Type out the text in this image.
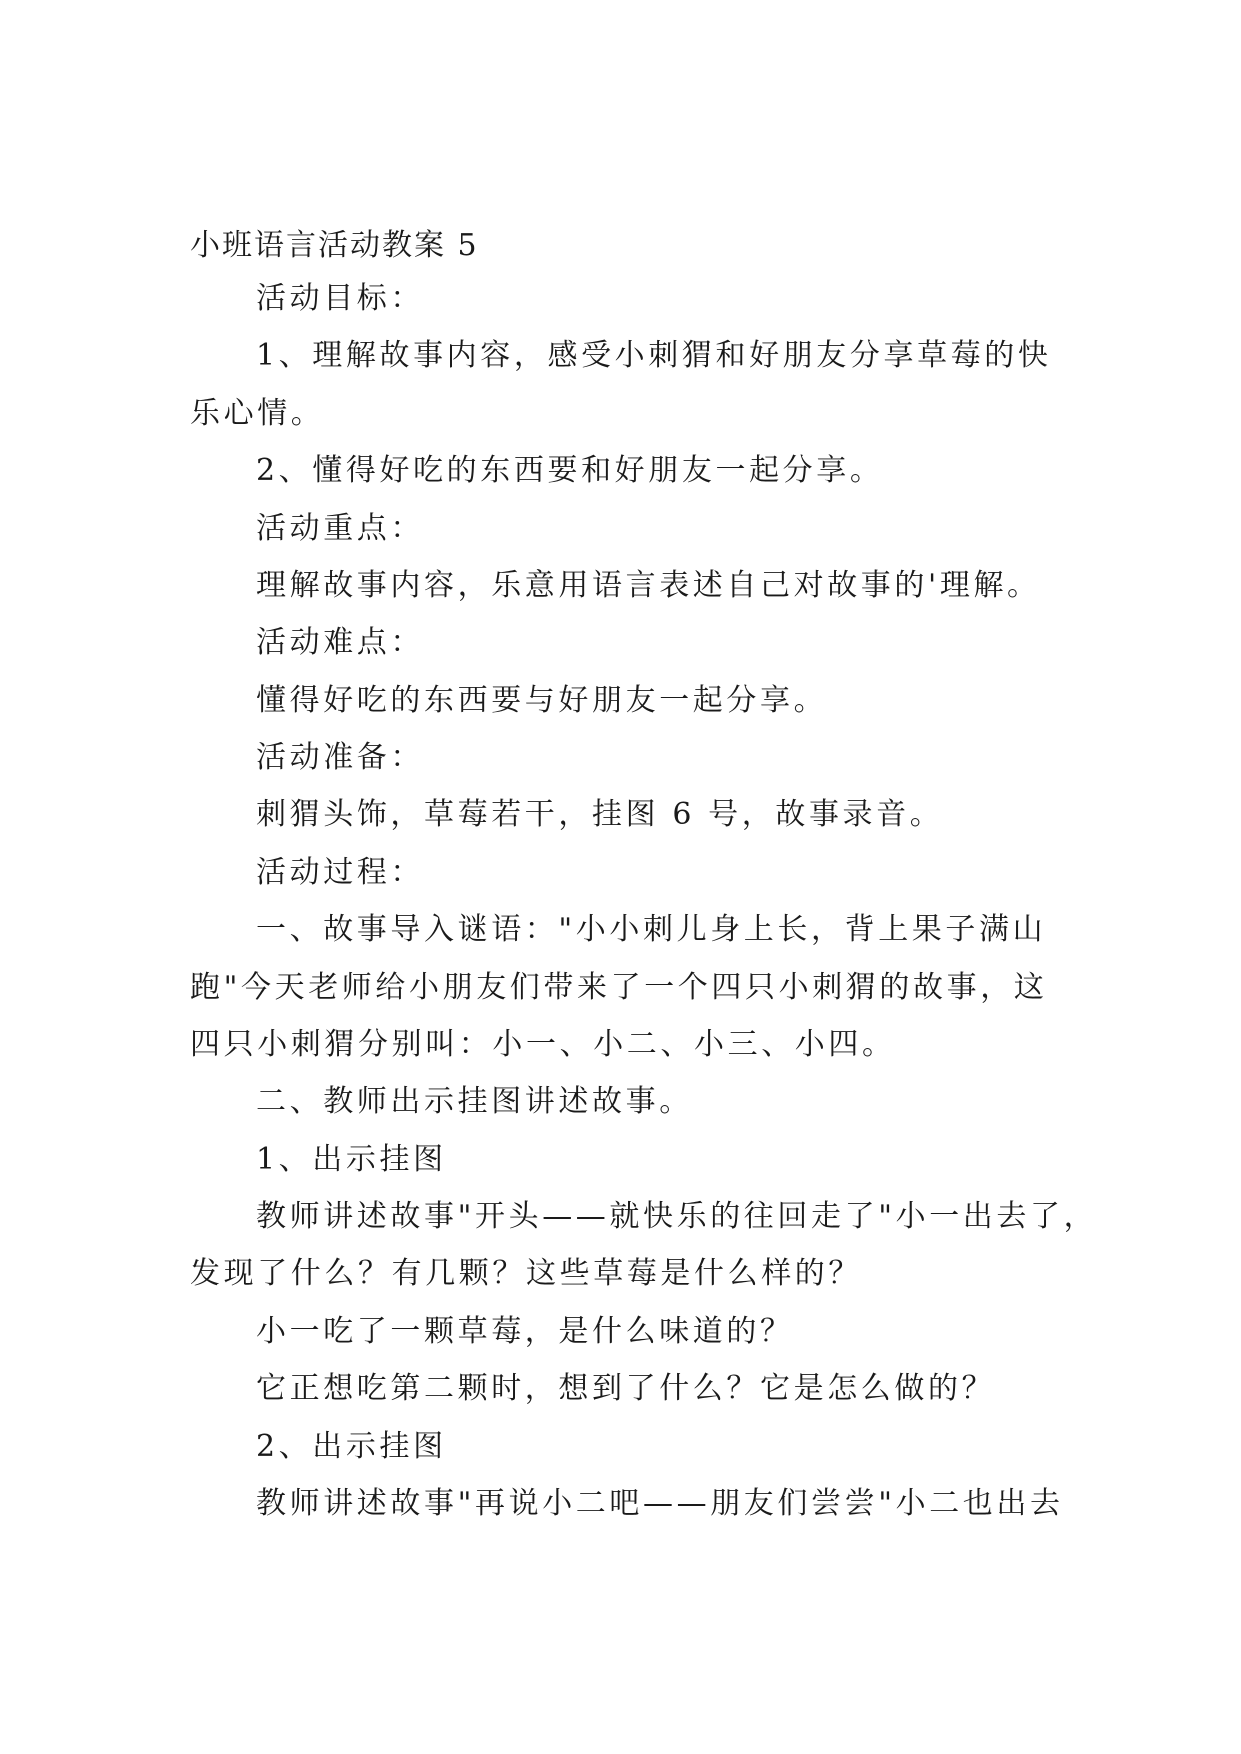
小班语言活动教案 5
活动目标：
1、理解故事内容，感受小刺猬和好朋友分享草莓的快
乐心情。
2、懂得好吃的东西要和好朋友一起分享。
活动重点：
理解故事内容，乐意用语言表述自己对故事的'理解。
活动难点：
懂得好吃的东西要与好朋友一起分享。
活动准备：
刺猬头饰，草莓若干，挂图 6 号，故事录音。
活动过程：
一、故事导入谜语："小小刺儿身上长，背上果子满山
跑"今天老师给小朋友们带来了一个四只小刺猬的故事，这
四只小刺猬分别叫：小一、小二、小三、小四。
二、教师出示挂图讲述故事。
1、出示挂图
教师讲述故事"开头——就快乐的往回走了"小一出去了，
发现了什么？有几颗？这些草莓是什么样的？
小一吃了一颗草莓，是什么味道的？
它正想吃第二颗时，想到了什么？它是怎么做的？
2、出示挂图
教师讲述故事"再说小二吧——朋友们尝尝"小二也出去
